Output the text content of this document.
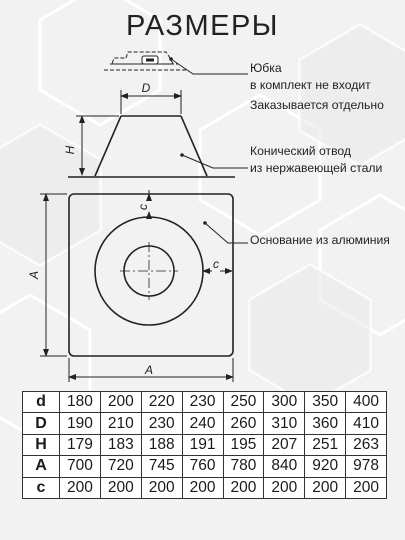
РАЗМЕРЫ
D
H
c
c
A
A
Юбка
в комплект не входит
Заказывается отдельно
Конический отвод
из нержавеющей стали
Основание из алюминия
d	180	200	220	230	250	300	350	400
D	190	210	230	240	260	310	360	410
H	179	183	188	191	195	207	251	263
A	700	720	745	760	780	840	920	978
c	200	200	200	200	200	200	200	200
